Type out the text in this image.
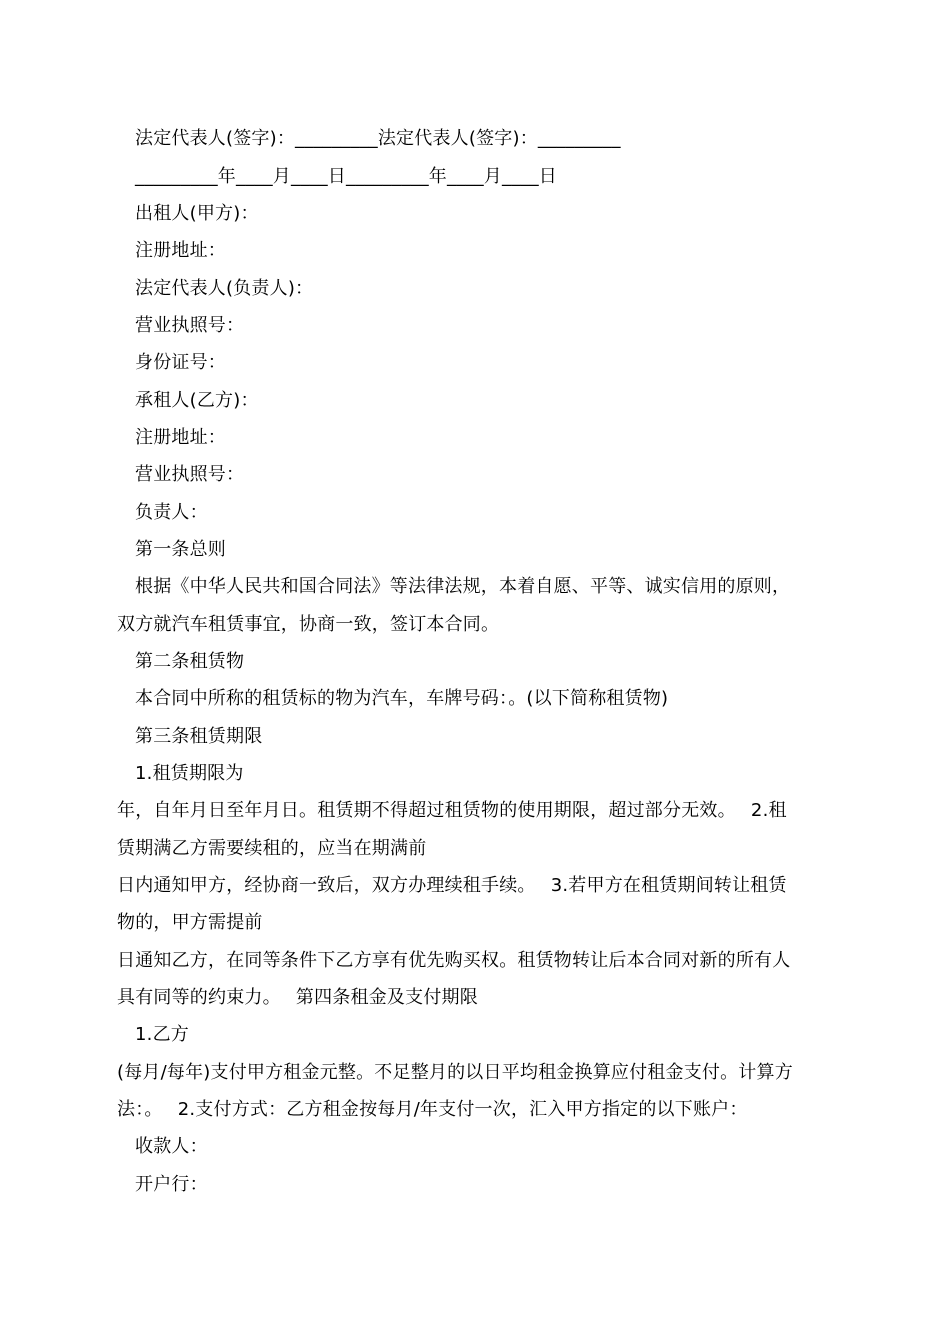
法定代表人(签字)：_________法定代表人(签字)：_________
_________年____月____日_________年____月____日
出租人(甲方)：
注册地址：
法定代表人(负责人)：
营业执照号：
身份证号：
承租人(乙方)：
注册地址：
营业执照号：
负责人：
第一条总则
根据《中华人民共和国合同法》等法律法规，本着自愿、平等、诚实信用的原则，
双方就汽车租赁事宜，协商一致，签订本合同。
第二条租赁物
本合同中所称的租赁标的物为汽车，车牌号码：。(以下简称租赁物)
第三条租赁期限
1.租赁期限为
年，自年月日至年月日。租赁期不得超过租赁物的使用期限，超过部分无效。　 2.租
赁期满乙方需要续租的，应当在期满前
日内通知甲方，经协商一致后，双方办理续租手续。　 3.若甲方在租赁期间转让租赁
物的，甲方需提前
日通知乙方，在同等条件下乙方享有优先购买权。租赁物转让后本合同对新的所有人
具有同等的约束力。　 第四条租金及支付期限
1.乙方
(每月/每年)支付甲方租金元整。不足整月的以日平均租金换算应付租金支付。计算方
法：。　 2.支付方式：乙方租金按每月/年支付一次，汇入甲方指定的以下账户：
收款人：
开户行：
